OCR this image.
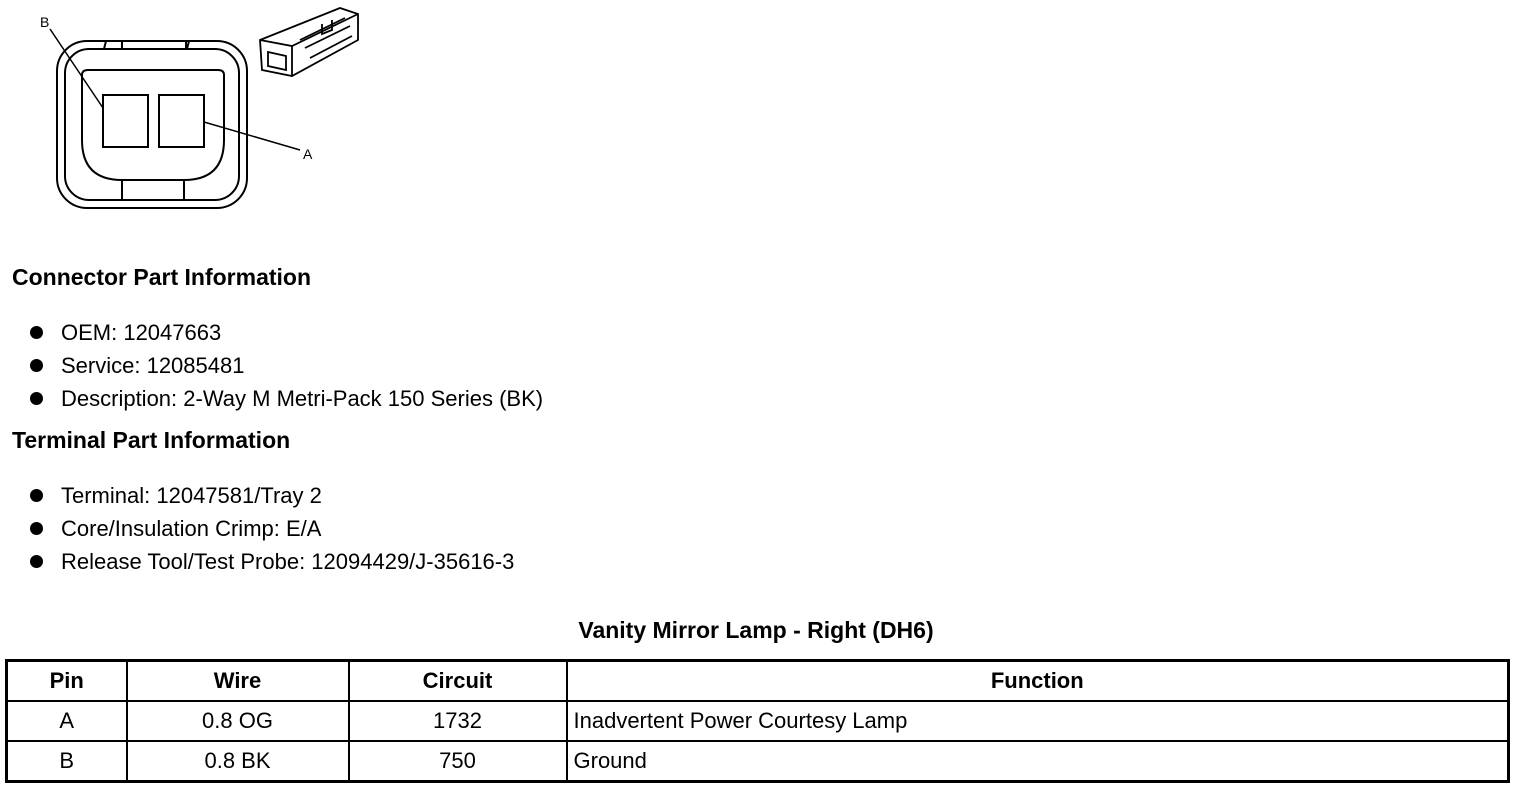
B
A
Connector Part Information
OEM: 12047663
Service: 12085481
Description: 2-Way M Metri-Pack 150 Series (BK)
Terminal Part Information
Terminal: 12047581/Tray 2
Core/Insulation Crimp: E/A
Release Tool/Test Probe: 12094429/J-35616-3
Vanity Mirror Lamp - Right (DH6)
Pin	Wire	Circuit	Function
A	0.8 OG	1732	Inadvertent Power Courtesy Lamp
B	0.8 BK	750	Ground
